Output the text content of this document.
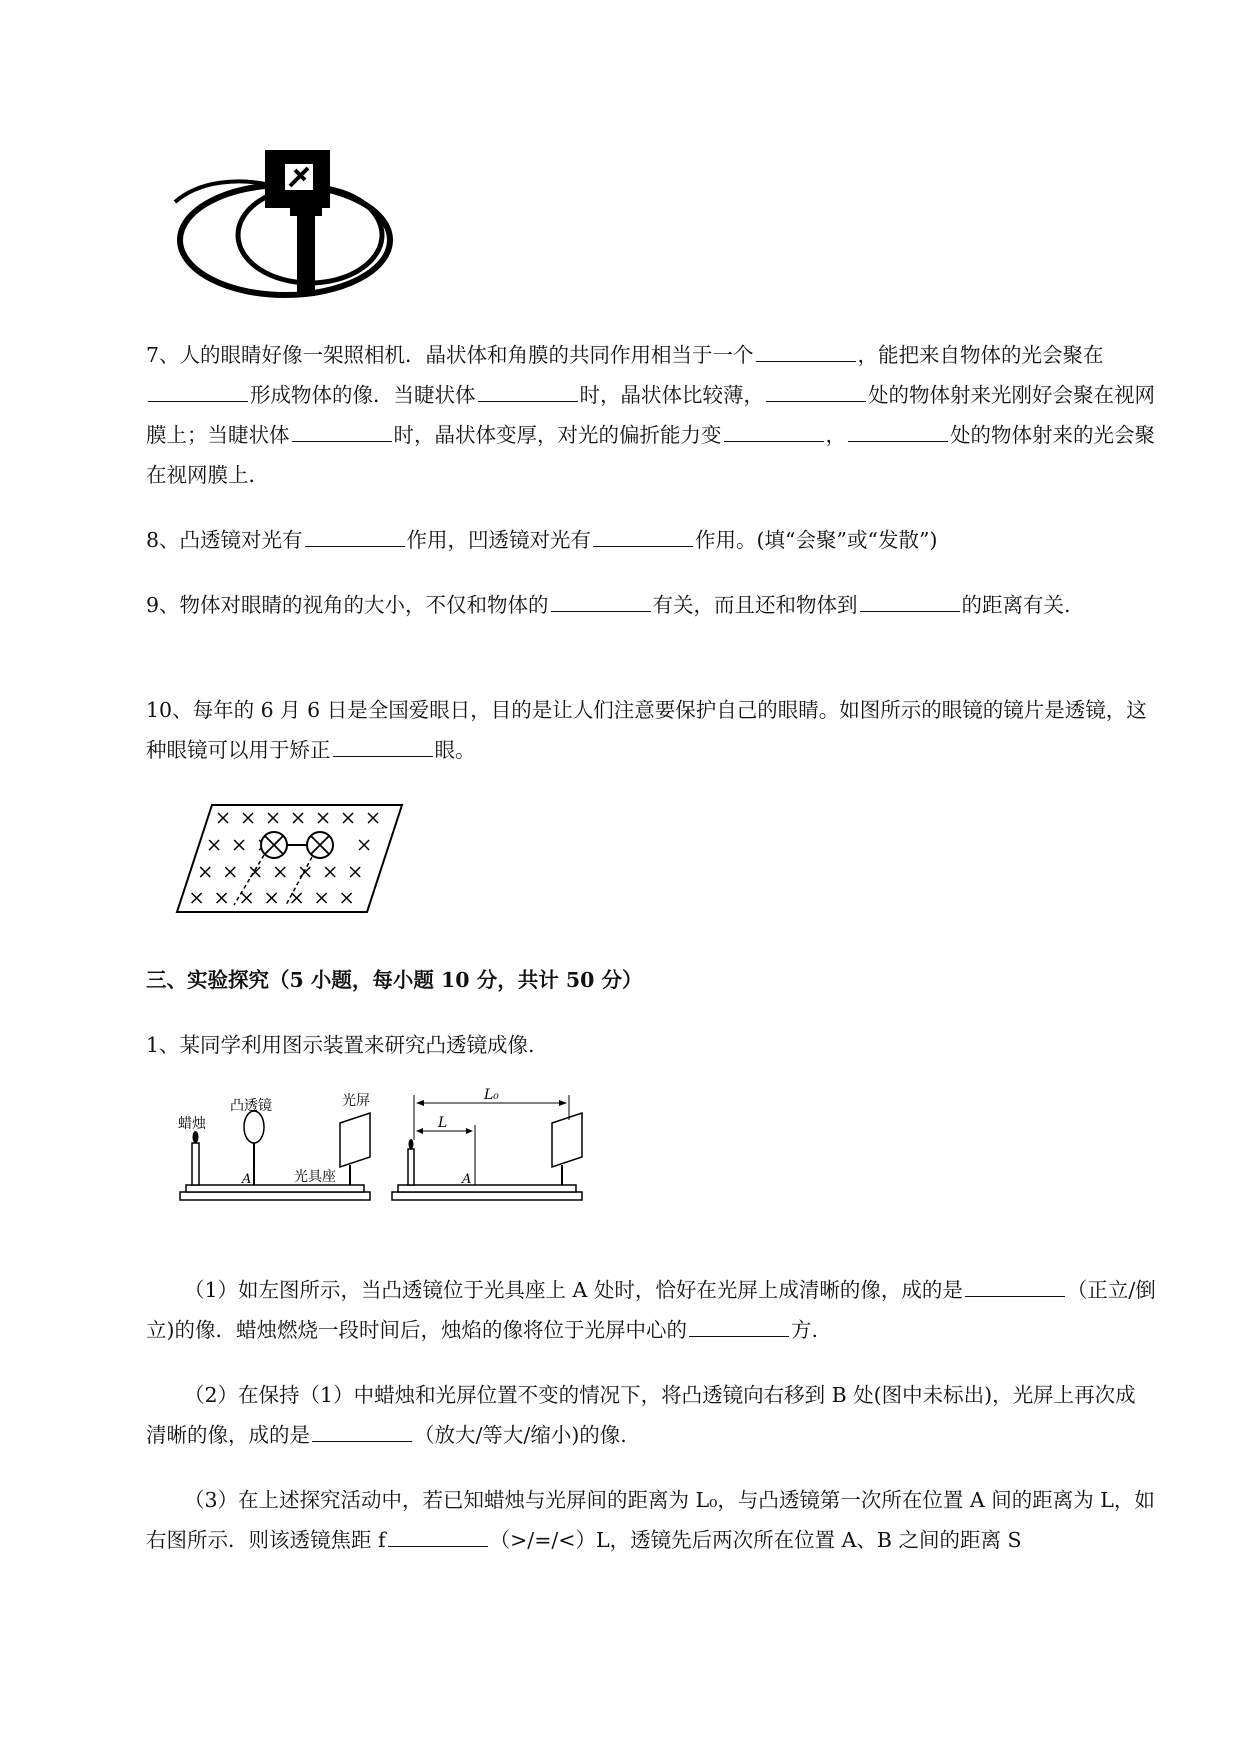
7、人的眼睛好像一架照相机．晶状体和角膜的共同作用相当于一个	，能把来自物体的光会聚在形成物体的像．当睫状体	时，晶状体比较薄，	处的物体射来光刚好会聚在视网膜上；当睫状体	时，晶状体变厚，对光的偏折能力变	，	处的物体射来的光会聚在视网膜上．

8、凸透镜对光有	作用，凹透镜对光有	作用。(填“会聚”或“发散”)

9、物体对眼睛的视角的大小，不仅和物体的	有关，而且还和物体到	的距离有关.

10、每年的 6 月 6 日是全国爱眼日，目的是让人们注意要保护自己的眼睛。如图所示的眼镜的镜片是透镜，这种眼镜可以用于矫正	眼。

三、实验探究（5 小题，每小题 10 分，共计 50 分）

1、某同学利用图示装置来研究凸透镜成像.

蜡烛
凸透镜	光屏
光具座
A
L₀
L
A

（1）如左图所示，当凸透镜位于光具座上 A 处时，恰好在光屏上成清晰的像，成的是	（正立/倒立)的像．蜡烛燃烧一段时间后，烛焰的像将位于光屏中心的	方.

（2）在保持（1）中蜡烛和光屏位置不变的情况下，将凸透镜向右移到 B 处(图中未标出)，光屏上再次成清晰的像，成的是	（放大/等大/缩小)的像.

（3）在上述探究活动中，若已知蜡烛与光屏间的距离为 L₀，与凸透镜第一次所在位置 A 间的距离为 L，如右图所示．则该透镜焦距 f	（>/=/<）L，透镜先后两次所在位置 A、B 之间的距离 S
